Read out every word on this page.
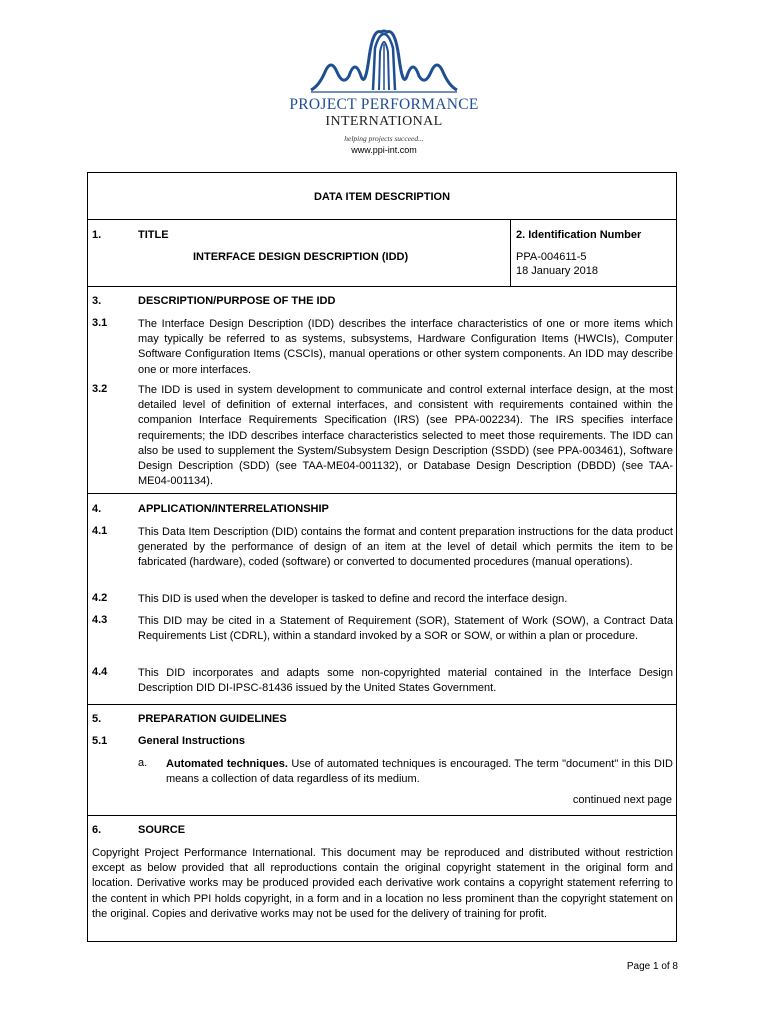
PROJECT PERFORMANCE
INTERNATIONAL
helping projects succeed...
www.ppi-int.com
DATA ITEM DESCRIPTION
1.	TITLE
INTERFACE DESIGN DESCRIPTION (IDD)
2. Identification Number
PPA-004611-5
18 January 2018
3.	DESCRIPTION/PURPOSE OF THE IDD
3.1	The Interface Design Description (IDD) describes the interface characteristics of one or more items which may typically be referred to as systems, subsystems, Hardware Configuration Items (HWCIs), Computer Software Configuration Items (CSCIs), manual operations or other system components. An IDD may describe one or more interfaces.
3.2	The IDD is used in system development to communicate and control external interface design, at the most detailed level of definition of external interfaces, and consistent with requirements contained within the companion Interface Requirements Specification (IRS) (see PPA-002234). The IRS specifies interface requirements; the IDD describes interface characteristics selected to meet those requirements. The IDD can also be used to supplement the System/Subsystem Design Description (SSDD) (see PPA-003461), Software Design Description (SDD) (see TAA-ME04-001132), or Database Design Description (DBDD) (see TAA-ME04-001134).
4.	APPLICATION/INTERRELATIONSHIP
4.1	This Data Item Description (DID) contains the format and content preparation instructions for the data product generated by the performance of design of an item at the level of detail which permits the item to be fabricated (hardware), coded (software) or converted to documented procedures (manual operations).
4.2	This DID is used when the developer is tasked to define and record the interface design.
4.3	This DID may be cited in a Statement of Requirement (SOR), Statement of Work (SOW), a Contract Data Requirements List (CDRL), within a standard invoked by a SOR or SOW, or within a plan or procedure.
4.4	This DID incorporates and adapts some non-copyrighted material contained in the Interface Design Description DID DI-IPSC-81436 issued by the United States Government.
5.	PREPARATION GUIDELINES
5.1	General Instructions
a. Automated techniques. Use of automated techniques is encouraged. The term "document" in this DID means a collection of data regardless of its medium.
continued next page
6.	SOURCE
Copyright Project Performance International. This document may be reproduced and distributed without restriction except as below provided that all reproductions contain the original copyright statement in the original form and location. Derivative works may be produced provided each derivative work contains a copyright statement referring to the content in which PPI holds copyright, in a form and in a location no less prominent than the copyright statement on the original. Copies and derivative works may not be used for the delivery of training for profit.
Page 1 of 8
